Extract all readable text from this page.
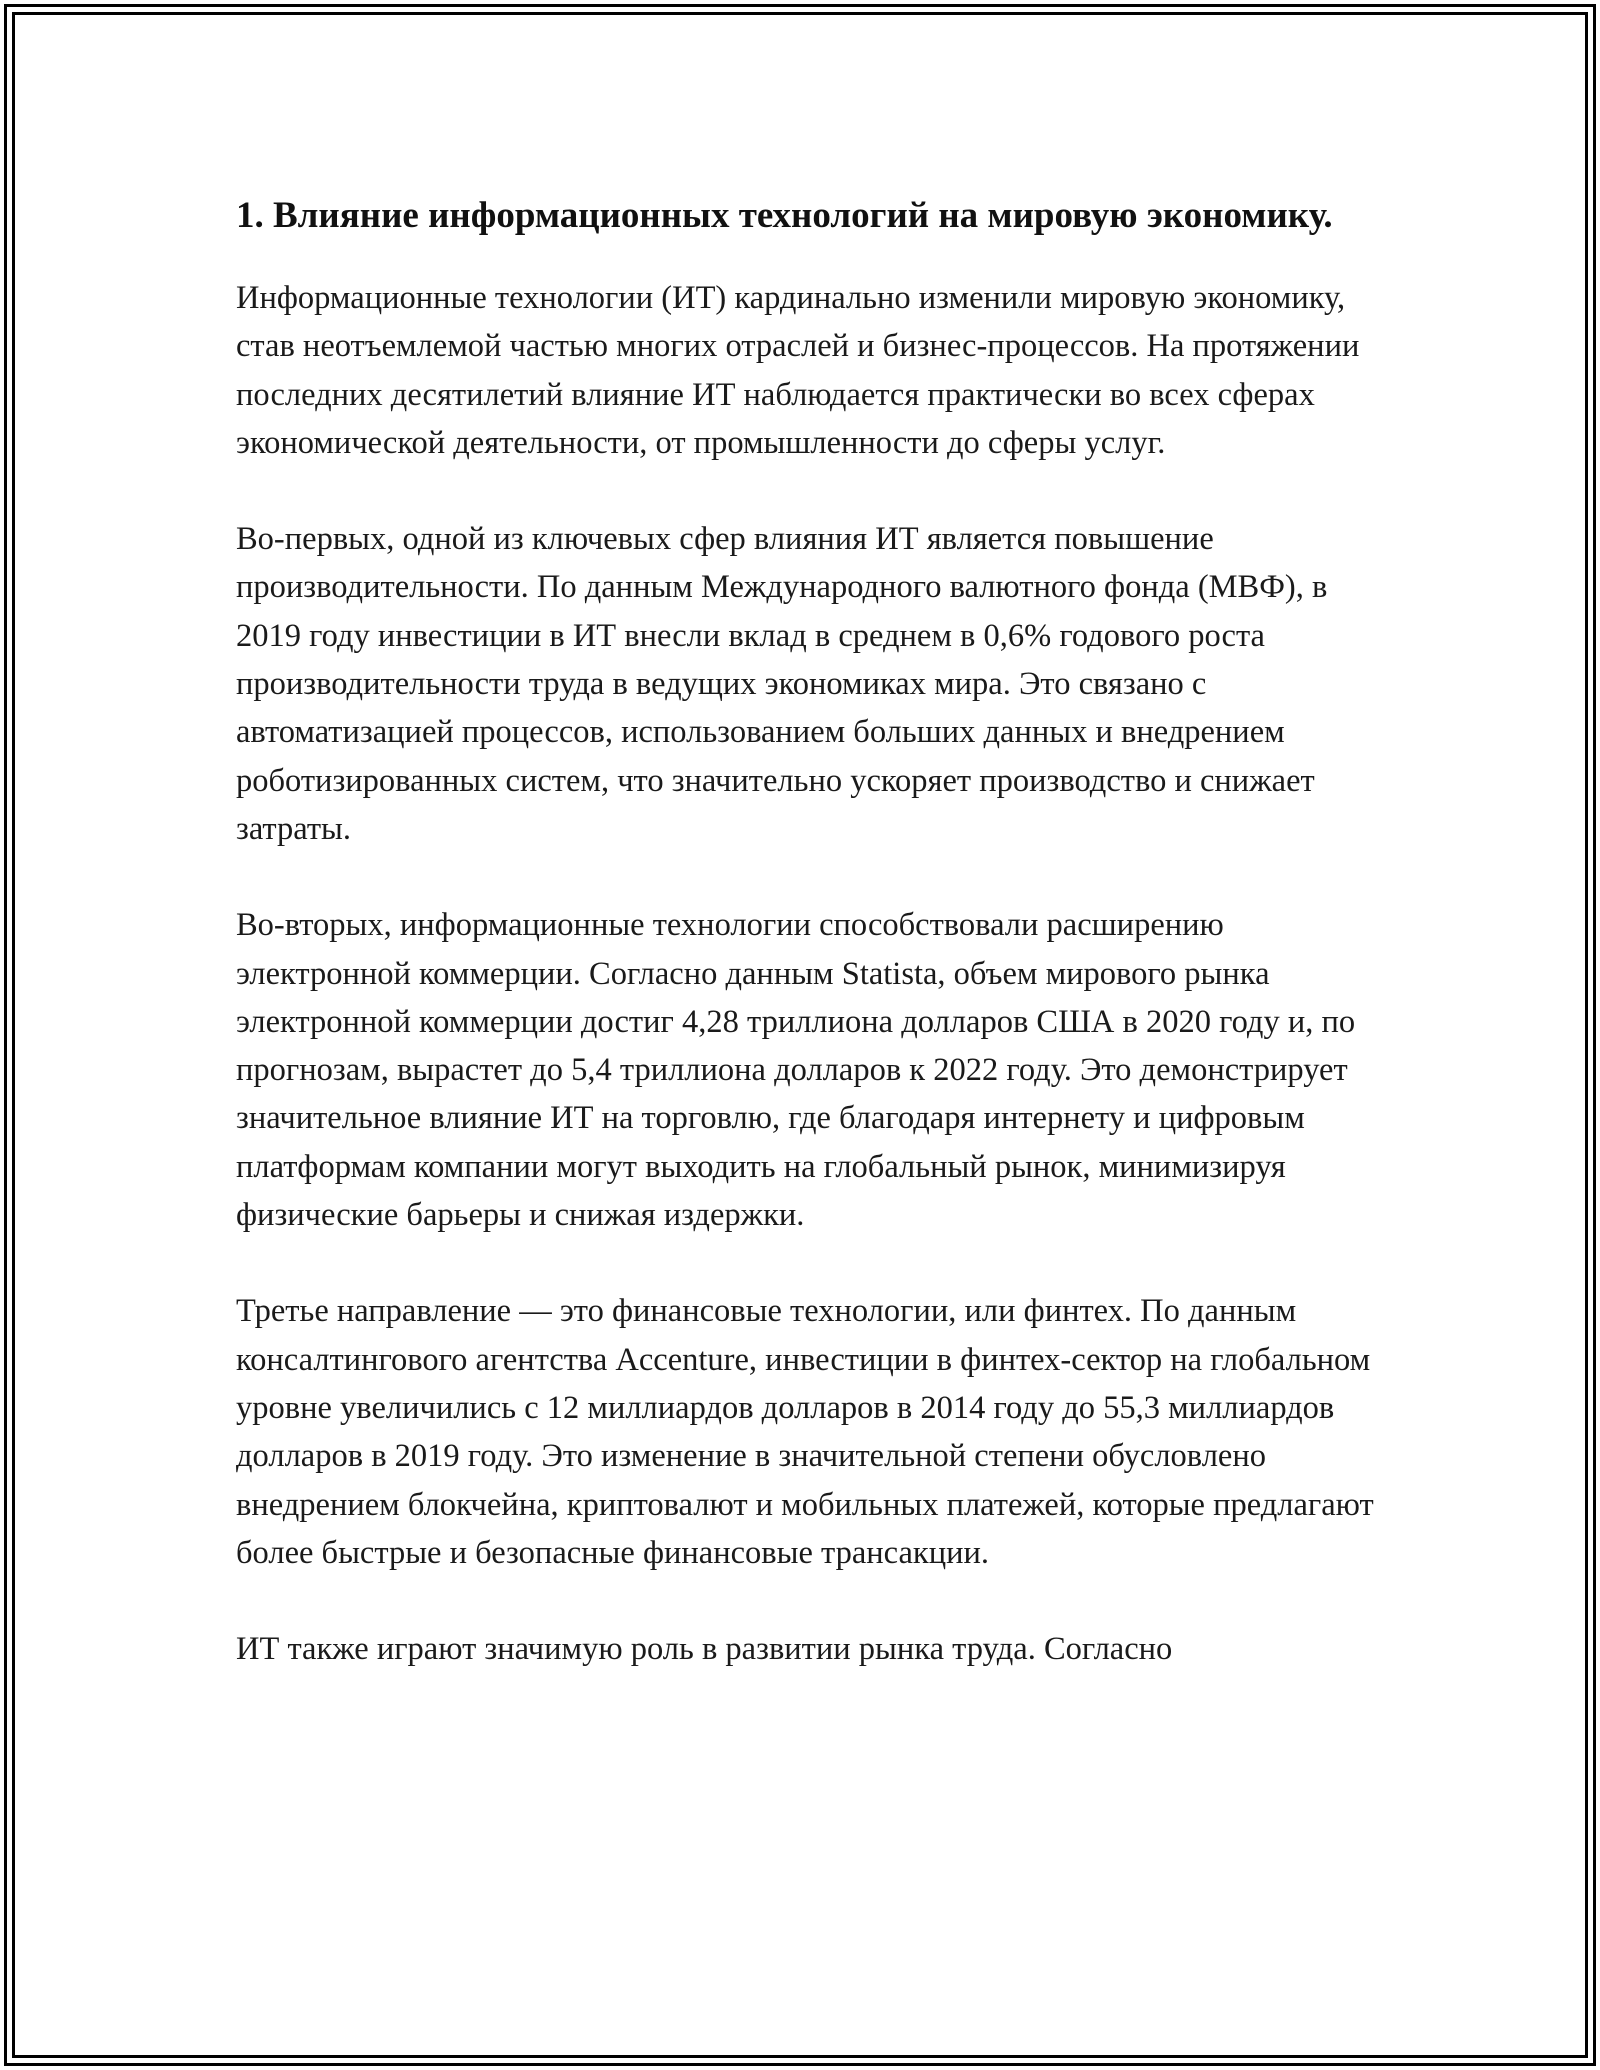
1. Влияние информационных технологий на мировую экономику.

Информационные технологии (ИТ) кардинально изменили мировую экономику, став неотъемлемой частью многих отраслей и бизнес-процессов. На протяжении последних десятилетий влияние ИТ наблюдается практически во всех сферах экономической деятельности, от промышленности до сферы услуг.

Во-первых, одной из ключевых сфер влияния ИТ является повышение производительности. По данным Международного валютного фонда (МВФ), в 2019 году инвестиции в ИТ внесли вклад в среднем в 0,6% годового роста производительности труда в ведущих экономиках мира. Это связано с автоматизацией процессов, использованием больших данных и внедрением роботизированных систем, что значительно ускоряет производство и снижает затраты.

Во-вторых, информационные технологии способствовали расширению электронной коммерции. Согласно данным Statista, объем мирового рынка электронной коммерции достиг 4,28 триллиона долларов США в 2020 году и, по прогнозам, вырастет до 5,4 триллиона долларов к 2022 году. Это демонстрирует значительное влияние ИТ на торговлю, где благодаря интернету и цифровым платформам компании могут выходить на глобальный рынок, минимизируя физические барьеры и снижая издержки.

Третье направление — это финансовые технологии, или финтех. По данным консалтингового агентства Accenture, инвестиции в финтех-сектор на глобальном уровне увеличились с 12 миллиардов долларов в 2014 году до 55,3 миллиардов долларов в 2019 году. Это изменение в значительной степени обусловлено внедрением блокчейна, криптовалют и мобильных платежей, которые предлагают более быстрые и безопасные финансовые трансакции.

ИТ также играют значимую роль в развитии рынка труда. Согласно
